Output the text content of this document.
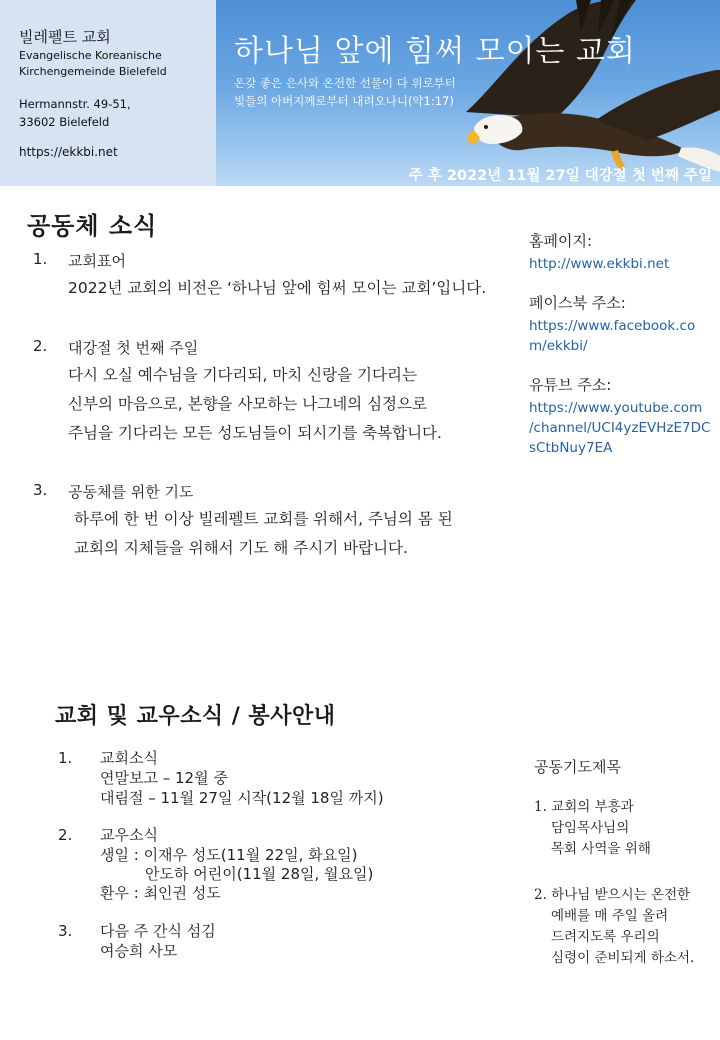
빌레펠트 교회
Evangelische Koreanische
Kirchengemeinde Bielefeld
Hermannstr. 49-51,
33602 Bielefeld
https://ekkbi.net
하나님 앞에 힘써 모이는 교회
온갖 좋은 은사와 온전한 선물이 다 위로부터
빛들의 아버지께로부터 내려오나니(약1:17)
주 후 2022년 11월 27일 대강절 첫 번째 주일
공동체 소식
1. 교회표어
2022년 교회의 비전은 ‘하나님 앞에 힘써 모이는 교회’입니다.
2. 대강절 첫 번째 주일
다시 오실 예수님을 기다리되, 마치 신랑을 기다리는
신부의 마음으로, 본향을 사모하는 나그네의 심정으로
주님을 기다리는 모든 성도님들이 되시기를 축복합니다.
3. 공동체를 위한 기도
하루에 한 번 이상 빌레펠트 교회를 위해서, 주님의 몸 된
교회의 지체들을 위해서 기도 해 주시기 바랍니다.
홈페이지:
http://www.ekkbi.net
페이스북 주소:
https://www.facebook.co
m/ekkbi/
유튜브 주소:
https://www.youtube.com
/channel/UCI4yzEVHzE7DC
sCtbNuy7EA
교회 및 교우소식 / 봉사안내
1. 교회소식
연말보고 – 12월 중
대림절 – 11월 27일 시작(12월 18일 까지)
2. 교우소식
생일 : 이재우 성도(11월 22일, 화요일)
안도하 어린이(11월 28일, 월요일)
환우 : 최인권 성도
3. 다음 주 간식 섬김
여승희 사모
공동기도제목
1. 교회의 부흥과
담임목사님의
목회 사역을 위해
2. 하나님 받으시는 온전한
예배를 매 주일 올려
드려지도록 우리의
심령이 준비되게 하소서.
